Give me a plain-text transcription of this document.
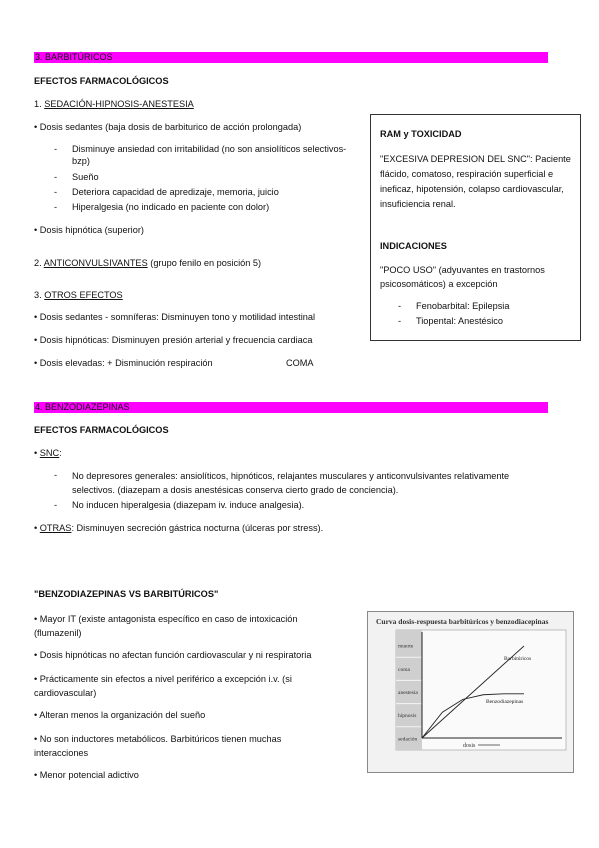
3. BARBITÚRICOS
EFECTOS FARMACOLÓGICOS
1. SEDACIÓN-HIPNOSIS-ANESTESIA
• Dosis sedantes (baja dosis de barbiturico de acción prolongada)
- Disminuye ansiedad con irritabilidad (no son ansiolíticos selectivos- bzp)
- Sueño
- Deteriora capacidad de apredizaje, memoria, juicio
- Hiperalgesia (no indicado en paciente con dolor)
• Dosis hipnótica (superior)
2. ANTICONVULSIVANTES (grupo fenilo en posición 5)
3. OTROS EFECTOS
• Dosis sedantes - somníferas: Disminuyen tono y motilidad intestinal
• Dosis hipnóticas: Disminuyen presión arterial y frecuencia cardiaca
• Dosis elevadas: + Disminución respiración	COMA
RAM y TOXICIDAD
"EXCESIVA DEPRESION DEL SNC": Paciente flácido, comatoso, respiración superficial e ineficaz, hipotensión, colapso cardiovascular, insuficiencia renal.
INDICACIONES
"POCO USO" (adyuvantes en trastornos psicosomáticos) a excepción
- Fenobarbital: Epilepsia
- Tiopental: Anestésico
4. BENZODIAZEPINAS
EFECTOS FARMACOLÓGICOS
• SNC:
- No depresores generales: ansiolíticos, hipnóticos, relajantes musculares y anticonvulsivantes relativamente selectivos. (diazepam a dosis anestésicas conserva cierto grado de conciencia).
- No inducen hiperalgesia (diazepam iv. induce analgesia).
• OTRAS: Disminuyen secreción gástrica nocturna (úlceras por stress).
"BENZODIAZEPINAS VS BARBITÚRICOS"
• Mayor IT (existe antagonista específico en caso de intoxicación (flumazenil)
• Dosis hipnóticas no afectan función cardiovascular y ni respiratoria
• Prácticamente sin efectos a nivel periférico a excepción i.v. (si cardiovascular)
• Alteran menos la organización del sueño
• No son inductores metabólicos. Barbitúricos tienen muchas interacciones
• Menor potencial adictivo
Curva dosis-respuesta barbitúricos y benzodiacepinas
muerte
coma
anestesia
hipnosis
sedación
Barbitúricos
Benzodiazepinas
dosis
